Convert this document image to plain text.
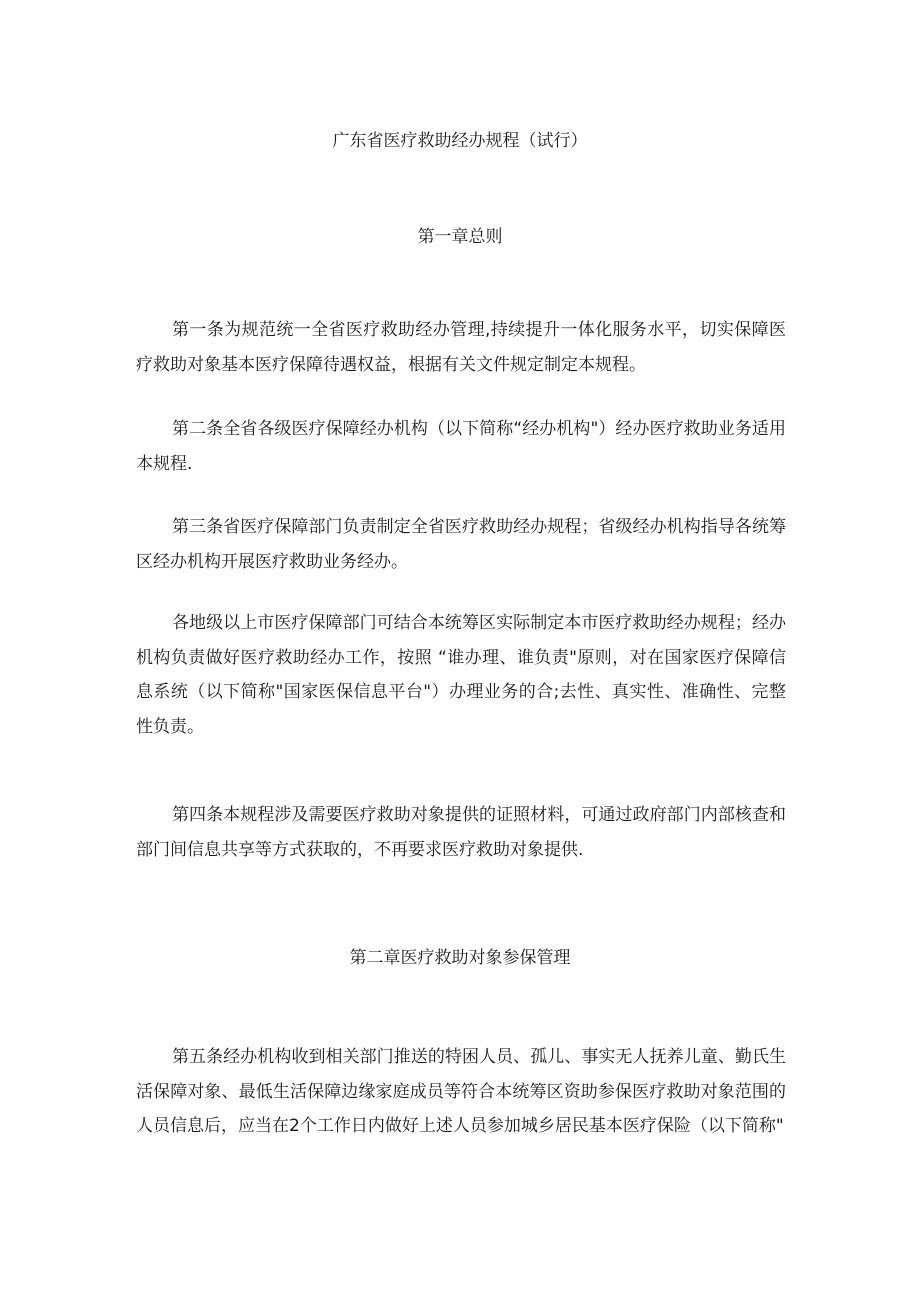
广东省医疗救助经办规程（试行）
第一章总则

第一条为规范统一全省医疗救助经办管理,持续提升一体化服务水平，切实保障医疗救助对象基本医疗保障待遇权益，根据有关文件规定制定本规程。

第二条全省各级医疗保障经办机构（以下简称“经办机构"）经办医疗救助业务适用本规程.

第三条省医疗保障部门负责制定全省医疗救助经办规程；省级经办机构指导各统筹区经办机构开展医疗救助业务经办。

各地级以上市医疗保障部门可结合本统筹区实际制定本市医疗救助经办规程；经办机构负责做好医疗救助经办工作，按照 “谁办理、谁负责"原则，对在国家医疗保障信息系统（以下简称"国家医保信息平台"）办理业务的合;去性、真实性、准确性、完整性负责。

第四条本规程涉及需要医疗救助对象提供的证照材料，可通过政府部门内部核查和部门间信息共享等方式获取的，不再要求医疗救助对象提供.

第二章医疗救助对象参保管理

第五条经办机构收到相关部门推送的特困人员、孤儿、事实无人抚养儿童、勤氏生活保障对象、最低生活保障边缘家庭成员等符合本统筹区资助参保医疗救助对象范围的人员信息后，应当在2个工作日内做好上述人员参加城乡居民基本医疗保险（以下简称"
